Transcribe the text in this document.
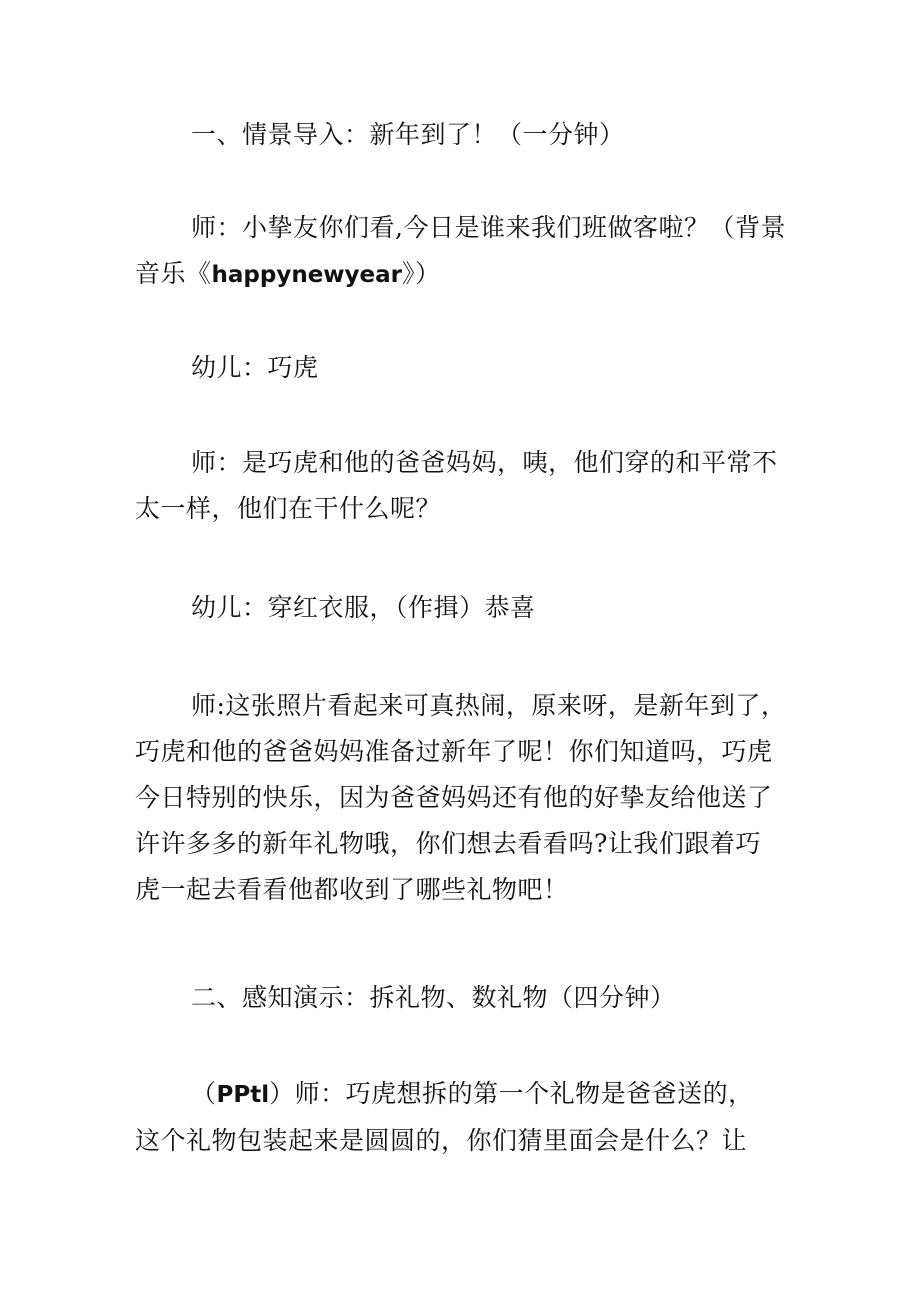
一、情景导入：新年到了！（一分钟）
师：小挚友你们看,今日是谁来我们班做客啦？（背景
音乐《happynewyear》）
幼儿：巧虎
师：是巧虎和他的爸爸妈妈，咦，他们穿的和平常不
太一样，他们在干什么呢？
幼儿：穿红衣服，（作揖）恭喜
师:这张照片看起来可真热闹，原来呀，是新年到了，
巧虎和他的爸爸妈妈准备过新年了呢！你们知道吗，巧虎
今日特别的快乐，因为爸爸妈妈还有他的好挚友给他送了
许许多多的新年礼物哦，你们想去看看吗?让我们跟着巧
虎一起去看看他都收到了哪些礼物吧！
二、感知演示：拆礼物、数礼物（四分钟）
（PPtl）师：巧虎想拆的第一个礼物是爸爸送的，
这个礼物包装起来是圆圆的，你们猜里面会是什么？让
